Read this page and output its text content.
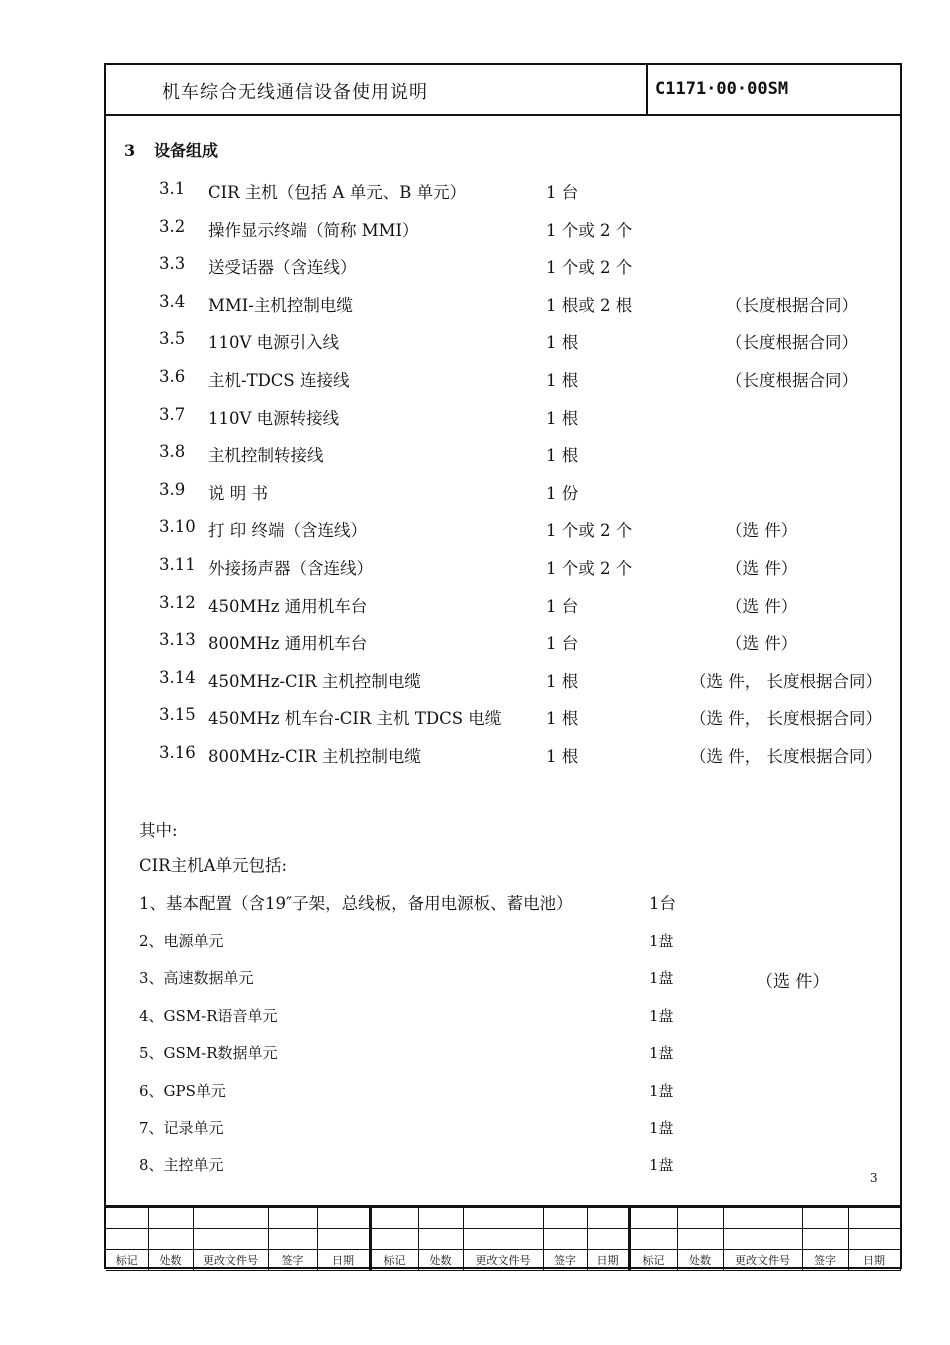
机车综合无线通信设备使用说明	C1171·00·00SM
3 设备组成
3.1 CIR 主机（包括 A 单元、B 单元）	1 台
3.2 操作显示终端（简称 MMI）	1 个或 2 个
3.3 送受话器（含连线）	1 个或 2 个
3.4 MMI-主机控制电缆	1 根或 2 根	（长度根据合同）
3.5 110V 电源引入线	1 根	（长度根据合同）
3.6 主机-TDCS 连接线	1 根	（长度根据合同）
3.7 110V 电源转接线	1 根
3.8 主机控制转接线	1 根
3.9 说 明 书	1 份
3.10 打 印 终端（含连线）	1 个或 2 个	（选 件）
3.11 外接扬声器（含连线）	1 个或 2 个	（选 件）
3.12 450MHz 通用机车台	1 台	（选 件）
3.13 800MHz 通用机车台	1 台	（选 件）
3.14 450MHz-CIR 主机控制电缆	1 根	（选 件， 长度根据合同）
3.15 450MHz 机车台-CIR 主机 TDCS 电缆	1 根	（选 件， 长度根据合同）
3.16 800MHz-CIR 主机控制电缆	1 根	（选 件， 长度根据合同）
其中:
CIR主机A单元包括:
1、基本配置（含19″子架，总线板，备用电源板、蓄电池）	1台
2、电源单元	1盘
3、高速数据单元	1盘	（选 件）
4、GSM-R语音单元	1盘
5、GSM-R数据单元	1盘
6、GPS单元	1盘
7、记录单元	1盘
8、主控单元	1盘
3

标记	处数	更改文件号	签字	日期	标记	处数	更改文件号	签字	日期	标记	处数	更改文件号	签字	日期
